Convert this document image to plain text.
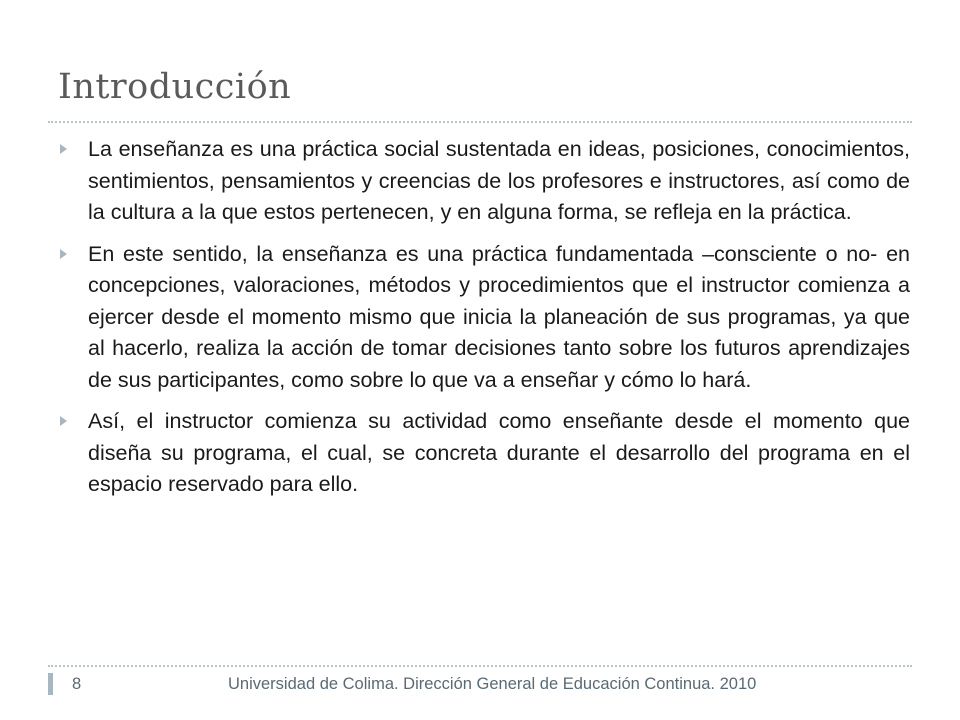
Introducción
La enseñanza es una práctica social sustentada en ideas, posiciones, conocimientos, sentimientos, pensamientos y creencias de los profesores e instructores, así como de la cultura a la que estos pertenecen, y en alguna forma, se refleja en la práctica.
En este sentido, la enseñanza es una práctica fundamentada –consciente o no- en concepciones, valoraciones, métodos y procedimientos que el instructor comienza a ejercer desde el momento mismo que inicia la planeación de sus programas, ya que al hacerlo, realiza la acción de tomar decisiones tanto sobre los futuros aprendizajes de sus participantes, como sobre lo que va a enseñar y cómo lo hará.
Así, el instructor comienza su actividad como enseñante desde el momento que diseña su programa, el cual, se concreta durante el desarrollo del programa en el espacio reservado para ello.
8	Universidad de Colima. Dirección General de Educación Continua. 2010
